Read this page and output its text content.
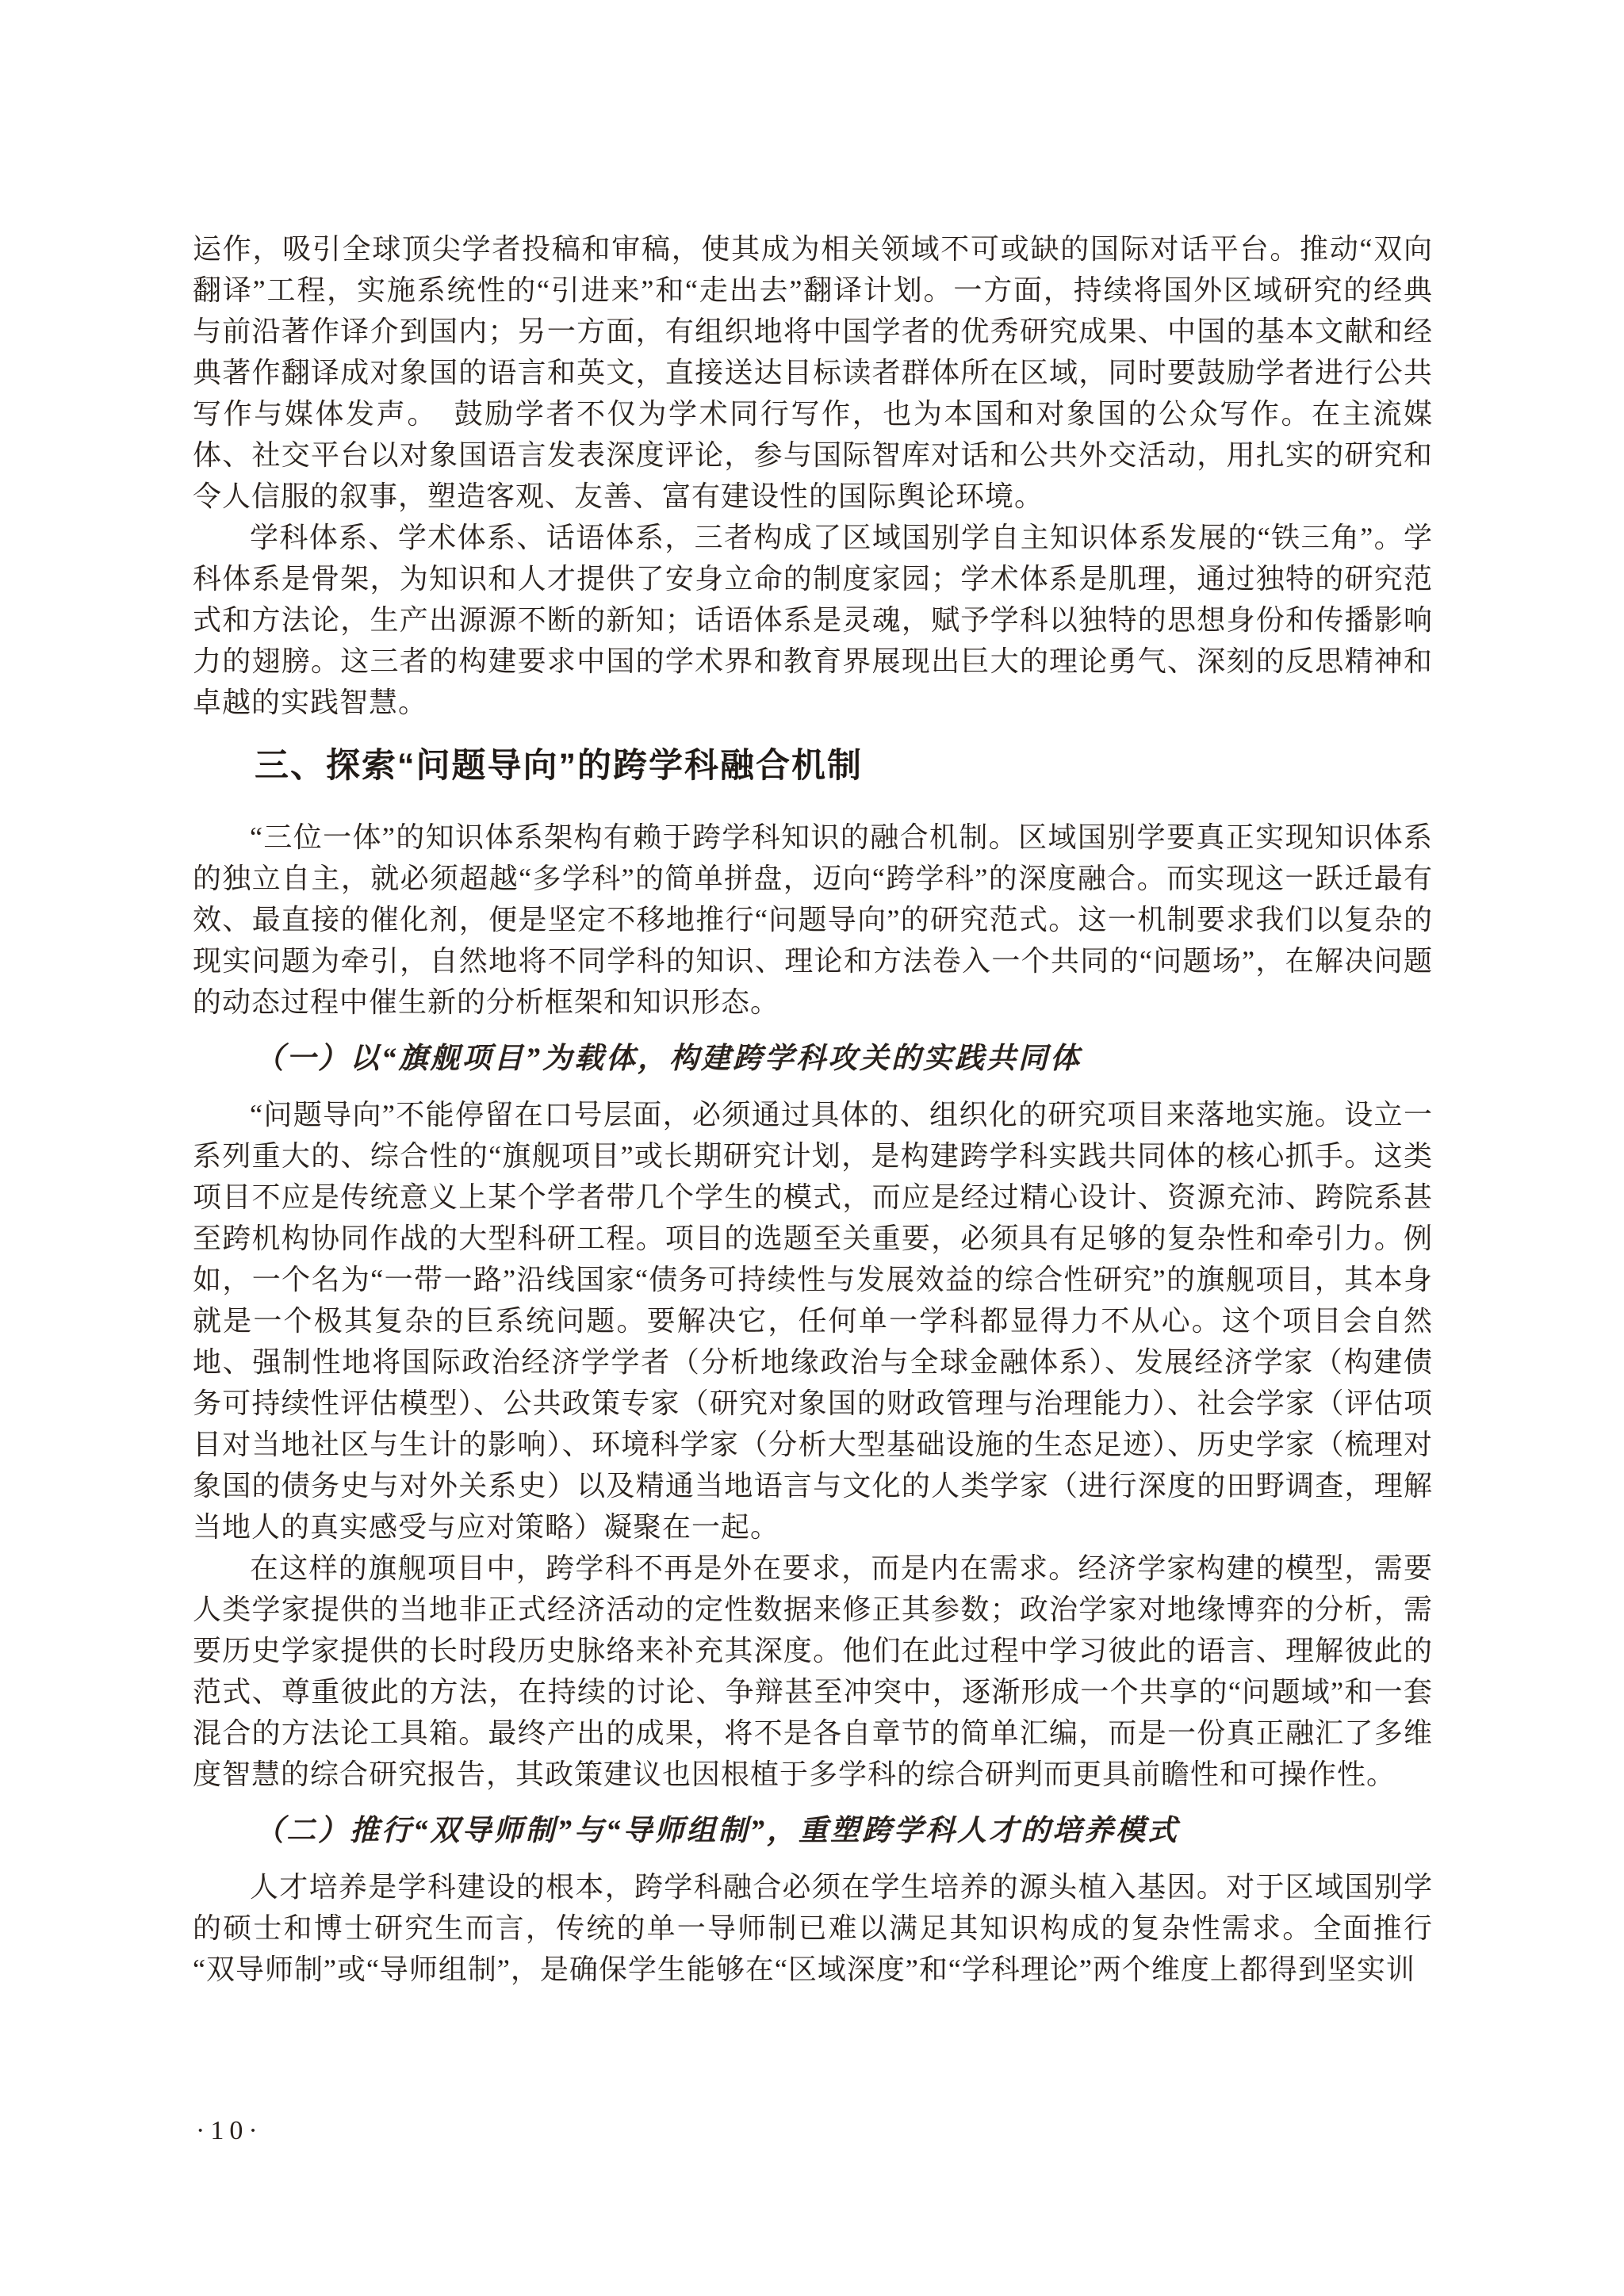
运作，吸引全球顶尖学者投稿和审稿，使其成为相关领域不可或缺的国际对话平台。推动“双向翻译”工程，实施系统性的“引进来”和“走出去”翻译计划。一方面，持续将国外区域研究的经典与前沿著作译介到国内；另一方面，有组织地将中国学者的优秀研究成果、中国的基本文献和经典著作翻译成对象国的语言和英文，直接送达目标读者群体所在区域，同时要鼓励学者进行公共写作与媒体发声。　鼓励学者不仅为学术同行写作，也为本国和对象国的公众写作。在主流媒体、社交平台以对象国语言发表深度评论，参与国际智库对话和公共外交活动，用扎实的研究和令人信服的叙事，塑造客观、友善、富有建设性的国际舆论环境。

学科体系、学术体系、话语体系，三者构成了区域国别学自主知识体系发展的“铁三角”。学科体系是骨架，为知识和人才提供了安身立命的制度家园；学术体系是肌理，通过独特的研究范式和方法论，生产出源源不断的新知；话语体系是灵魂，赋予学科以独特的思想身份和传播影响力的翅膀。这三者的构建要求中国的学术界和教育界展现出巨大的理论勇气、深刻的反思精神和卓越的实践智慧。

三、探索“问题导向”的跨学科融合机制

“三位一体”的知识体系架构有赖于跨学科知识的融合机制。区域国别学要真正实现知识体系的独立自主，就必须超越“多学科”的简单拼盘，迈向“跨学科”的深度融合。而实现这一跃迁最有效、最直接的催化剂，便是坚定不移地推行“问题导向”的研究范式。这一机制要求我们以复杂的现实问题为牵引，自然地将不同学科的知识、理论和方法卷入一个共同的“问题场”，在解决问题的动态过程中催生新的分析框架和知识形态。

（一）以“旗舰项目”为载体，构建跨学科攻关的实践共同体

“问题导向”不能停留在口号层面，必须通过具体的、组织化的研究项目来落地实施。设立一系列重大的、综合性的“旗舰项目”或长期研究计划，是构建跨学科实践共同体的核心抓手。这类项目不应是传统意义上某个学者带几个学生的模式，而应是经过精心设计、资源充沛、跨院系甚至跨机构协同作战的大型科研工程。项目的选题至关重要，必须具有足够的复杂性和牵引力。例如，一个名为“一带一路”沿线国家“债务可持续性与发展效益的综合性研究”的旗舰项目，其本身就是一个极其复杂的巨系统问题。要解决它，任何单一学科都显得力不从心。这个项目会自然地、强制性地将国际政治经济学学者（分析地缘政治与全球金融体系）、发展经济学家（构建债务可持续性评估模型）、公共政策专家（研究对象国的财政管理与治理能力）、社会学家（评估项目对当地社区与生计的影响）、环境科学家（分析大型基础设施的生态足迹）、历史学家（梳理对象国的债务史与对外关系史）以及精通当地语言与文化的人类学家（进行深度的田野调查，理解当地人的真实感受与应对策略）凝聚在一起。

在这样的旗舰项目中，跨学科不再是外在要求，而是内在需求。经济学家构建的模型，需要人类学家提供的当地非正式经济活动的定性数据来修正其参数；政治学家对地缘博弈的分析，需要历史学家提供的长时段历史脉络来补充其深度。他们在此过程中学习彼此的语言、理解彼此的范式、尊重彼此的方法，在持续的讨论、争辩甚至冲突中，逐渐形成一个共享的“问题域”和一套混合的方法论工具箱。最终产出的成果，将不是各自章节的简单汇编，而是一份真正融汇了多维度智慧的综合研究报告，其政策建议也因根植于多学科的综合研判而更具前瞻性和可操作性。

（二）推行“双导师制”与“导师组制”，重塑跨学科人才的培养模式

人才培养是学科建设的根本，跨学科融合必须在学生培养的源头植入基因。对于区域国别学的硕士和博士研究生而言，传统的单一导师制已难以满足其知识构成的复杂性需求。全面推行“双导师制”或“导师组制”，是确保学生能够在“区域深度”和“学科理论”两个维度上都得到坚实训

·10·
